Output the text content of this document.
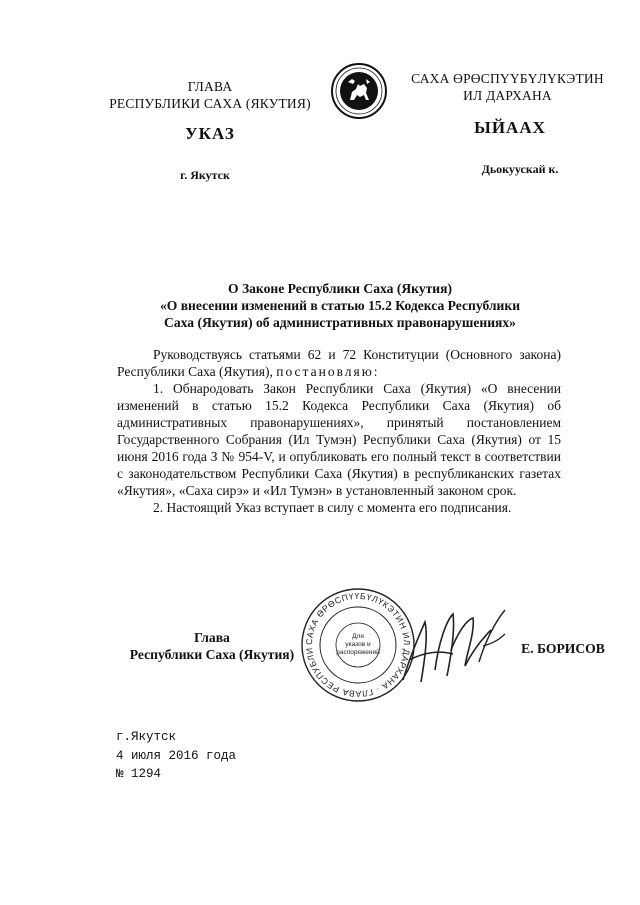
ГЛАВА
РЕСПУБЛИКИ САХА (ЯКУТИЯ)
САХА ӨРӨСПҮҮБҮЛҮКЭТИН
ИЛ ДАРХАНА
УКАЗ	ЫЙААХ
г. Якутск	Дьокуускай к.
О Законе Республики Саха (Якутия)
«О внесении изменений в статью 15.2 Кодекса Республики
Саха (Якутия) об административных правонарушениях»

Руководствуясь статьями 62 и 72 Конституции (Основного закона) Республики Саха (Якутия), постановляю:

1. Обнародовать Закон Республики Саха (Якутия) «О внесении изменений в статью 15.2 Кодекса Республики Саха (Якутия) об административных правонарушениях», принятый постановлением Государственного Собрания (Ил Тумэн) Республики Саха (Якутия) от 15 июня 2016 года З № 954-V, и опубликовать его полный текст в соответствии с законодательством Республики Саха (Якутия) в республиканских газетах «Якутия», «Саха сирэ» и «Ил Тумэн» в установленный законом срок.

2. Настоящий Указ вступает в силу с момента его подписания.

Глава
Республики Саха (Якутия)
САХА ӨРӨСПҮҮБҮЛҮКЭТИН ИЛ ДАРХАНА · ГЛАВА РЕСПУБЛИ
Для
указов и
распоряжений	Е. БОРИСОВ
г.Якутск
4 июля 2016 года
№ 1294
